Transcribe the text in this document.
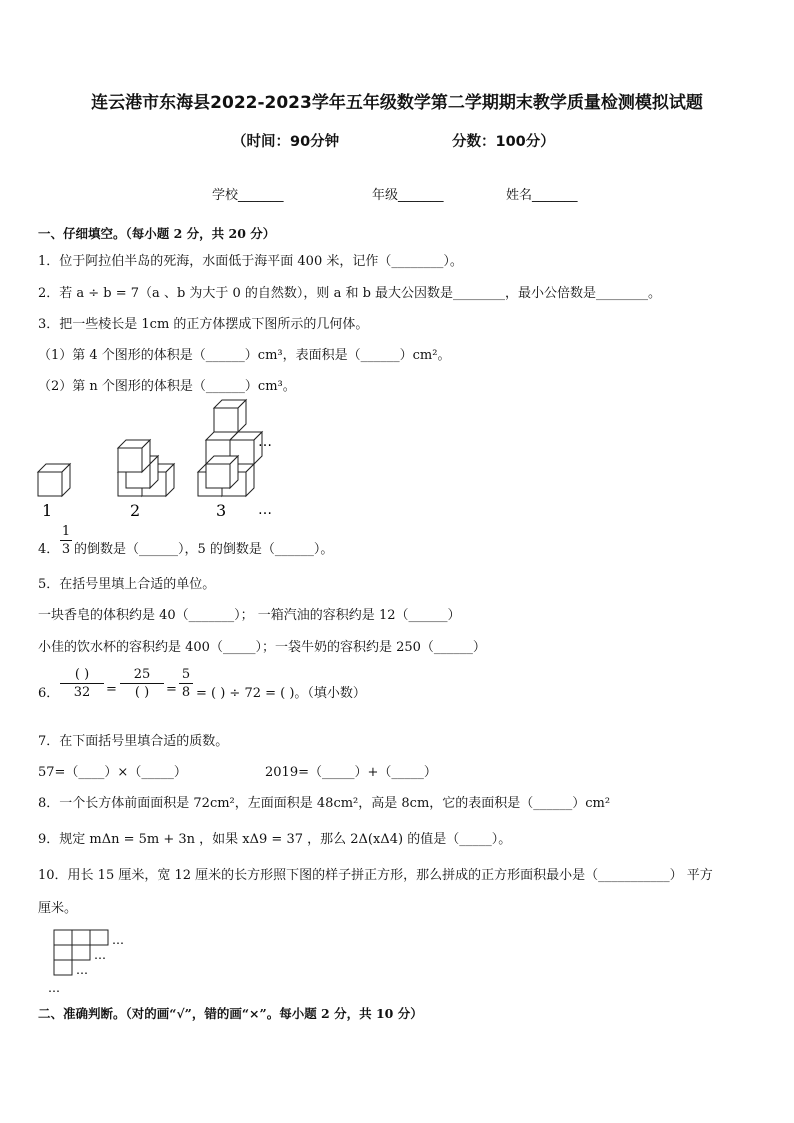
连云港市东海县2022-2023学年五年级数学第二学期期末教学质量检测模拟试题
（时间：90分钟	分数：100分）
学校_______	年级_______	姓名_______
一、仔细填空。（每小题 2 分，共 20 分）
1．位于阿拉伯半岛的死海，水面低于海平面 400 米，记作（________）。
2．若 a ÷ b = 7（a 、b 为大于 0 的自然数），则 a 和 b 最大公因数是________，最小公倍数是________。
3．把一些棱长是 1cm 的正方体摆成下图所示的几何体。
（1）第 4 个图形的体积是（______）cm³，表面积是（______）cm²。
（2）第 n 个图形的体积是（______）cm³。
1	2	3
…
…
4．
1
3 的倒数是（______），5 的倒数是（______）。
5．在括号里填上合适的单位。
一块香皂的体积约是 40（_______）； 一箱汽油的容积约是 12（______）
小佳的饮水杯的容积约是 400（_____）；一袋牛奶的容积约是 250（______）
6．
( )
32	=
25
( )	=
5
8 = ( ) ÷ 72 = ( )。（填小数）
7．在下面括号里填合适的质数。
57=（____）×（_____）	2019=（_____）+（_____）
8．一个长方体前面面积是 72cm²，左面面积是 48cm²，高是 8cm，它的表面积是（______）cm²
9．规定 mΔn = 5m + 3n ，如果 xΔ9 = 37 ，那么 2Δ(xΔ4) 的值是（_____）。
10．用长 15 厘米，宽 12 厘米的长方形照下图的样子拼正方形，那么拼成的正方形面积最小是（___________） 平方
厘米。
…
…
…
…
二、准确判断。（对的画“√”，错的画“×”。每小题 2 分，共 10 分）
